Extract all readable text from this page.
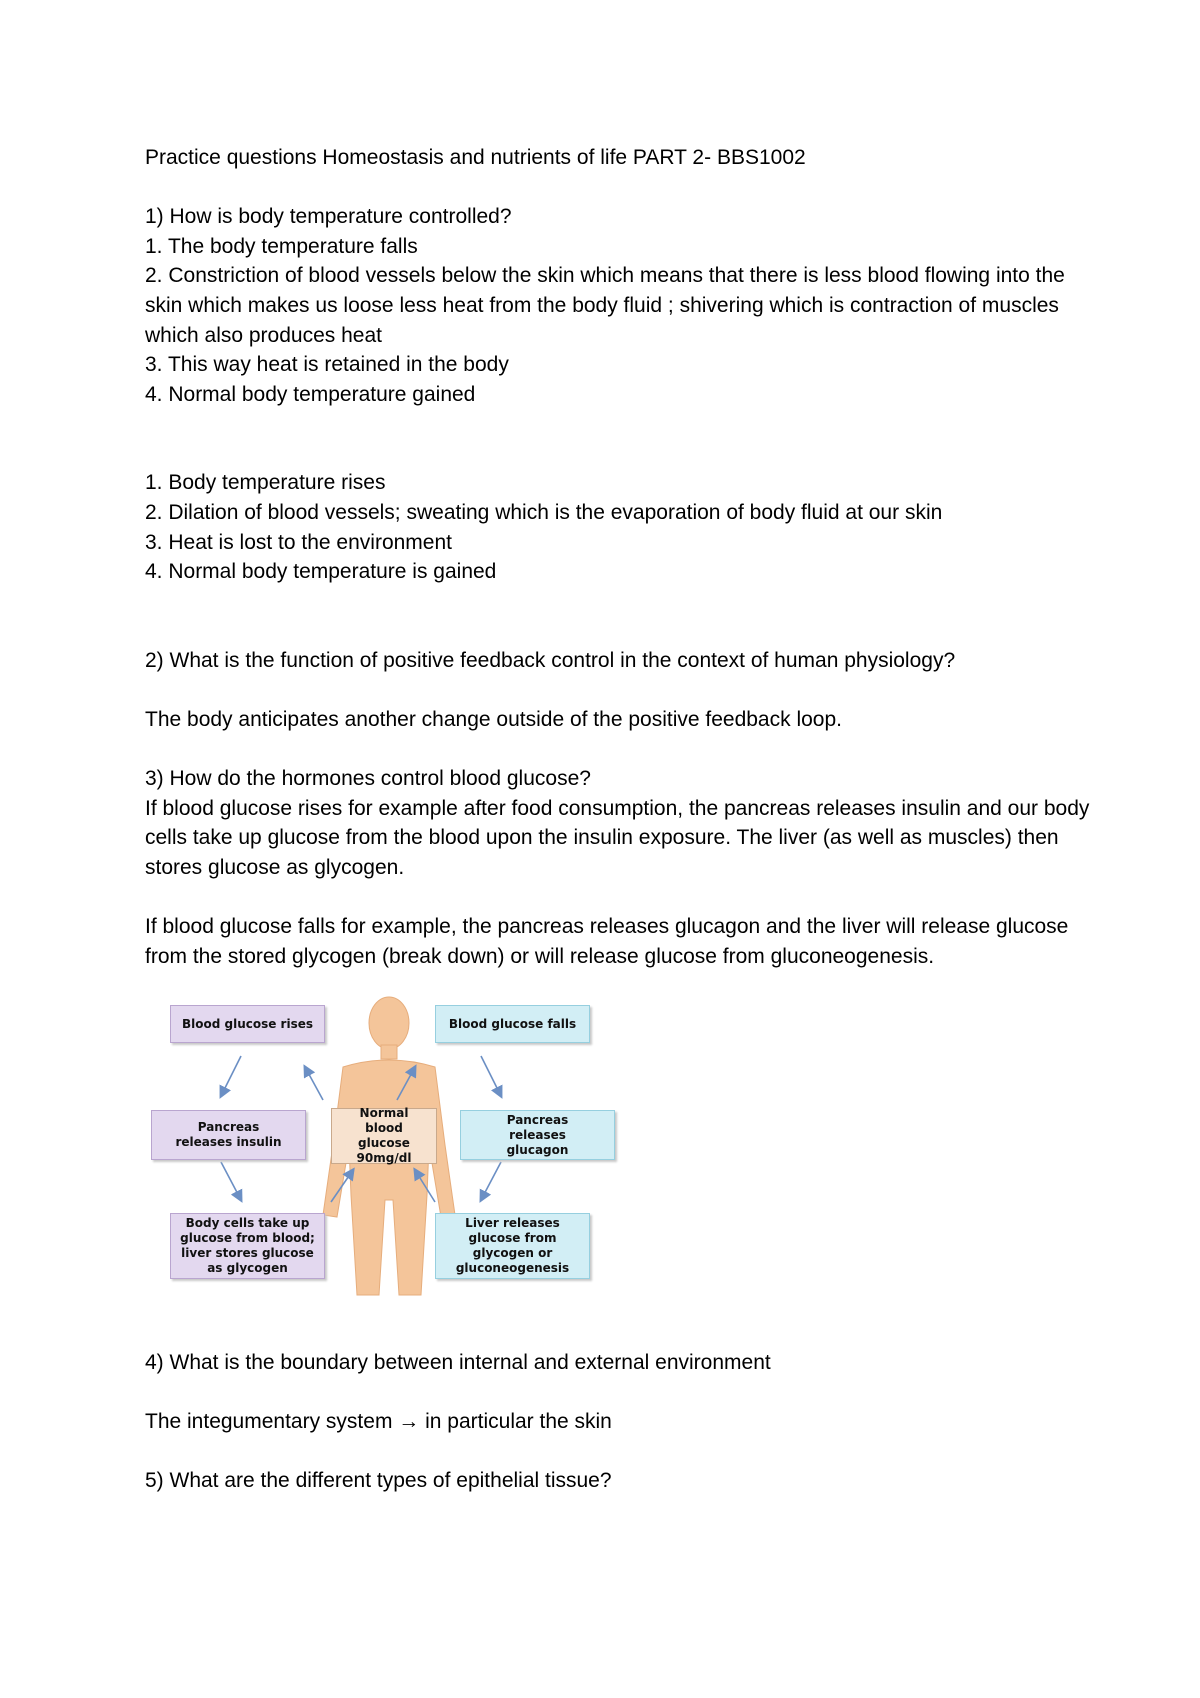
Practice questions Homeostasis and nutrients of life PART 2- BBS1002

1) How is body temperature controlled?

1. The body temperature falls

2. Constriction of blood vessels below the skin which means that there is less blood flowing into the skin which makes us loose less heat from the body fluid ; shivering which is contraction of muscles which also produces heat

3. This way heat is retained in the body

4. Normal body temperature gained

1. Body temperature rises

2. Dilation of blood vessels; sweating which is the evaporation of body fluid at our skin

3. Heat is lost to the environment

4. Normal body temperature is gained

2) What is the function of positive feedback control in the context of human physiology?

The body anticipates another change outside of the positive feedback loop.

3) How do the hormones control blood glucose?

If blood glucose rises for example after food consumption, the pancreas releases insulin and our body cells take up glucose from the blood upon the insulin exposure. The liver (as well as muscles) then stores glucose as glycogen.

If blood glucose falls for example, the pancreas releases glucagon and the liver will release glucose from the stored glycogen (break down) or will release glucose from gluconeogenesis.

Blood glucose rises	Blood glucose falls
Pancreas releases insulin
Pancreas releases glucagon
Normal blood glucose 90mg/dl
Body cells take up glucose from blood; liver stores glucose as glycogen
Liver releases glucose from glycogen or gluconeogenesis

4) What is the boundary between internal and external environment

The integumentary system → in particular the skin

5) What are the different types of epithelial tissue?
